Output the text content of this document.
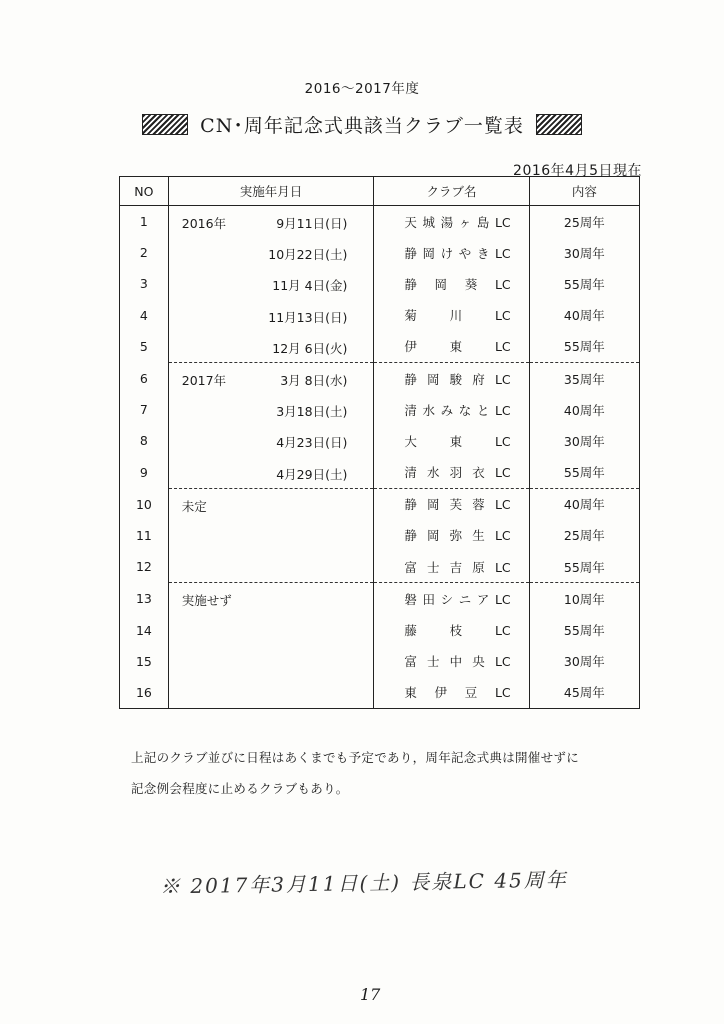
2016～2017年度
CN･周年記念式典該当クラブ一覧表
2016年4月5日現在
NO	実施年月日	クラブ名	内容
1	2016年 9月11日(日)	天城湯ヶ島LC	25周年
2	10月22日(土)	静岡けやきLC	30周年
3	11月 4日(金)	静岡葵LC	55周年
4	11月13日(日)	菊川LC	40周年
5	12月 6日(火)	伊東LC	55周年
6	2017年 3月 8日(水)	静岡駿府LC	35周年
7	3月18日(土)	清水みなとLC	40周年
8	4月23日(日)	大東LC	30周年
9	4月29日(土)	清水羽衣LC	55周年
10	未定	静岡芙蓉LC	40周年
11		静岡弥生LC	25周年
12		富士吉原LC	55周年
13	実施せず	磐田シニアLC	10周年
14		藤枝LC	55周年
15		富士中央LC	30周年
16		東伊豆LC	45周年
上記のクラブ並びに日程はあくまでも予定であり，周年記念式典は開催せずに
記念例会程度に止めるクラブもあり。
※ 2017年3月11日(土) 長泉LC 45周年
17
